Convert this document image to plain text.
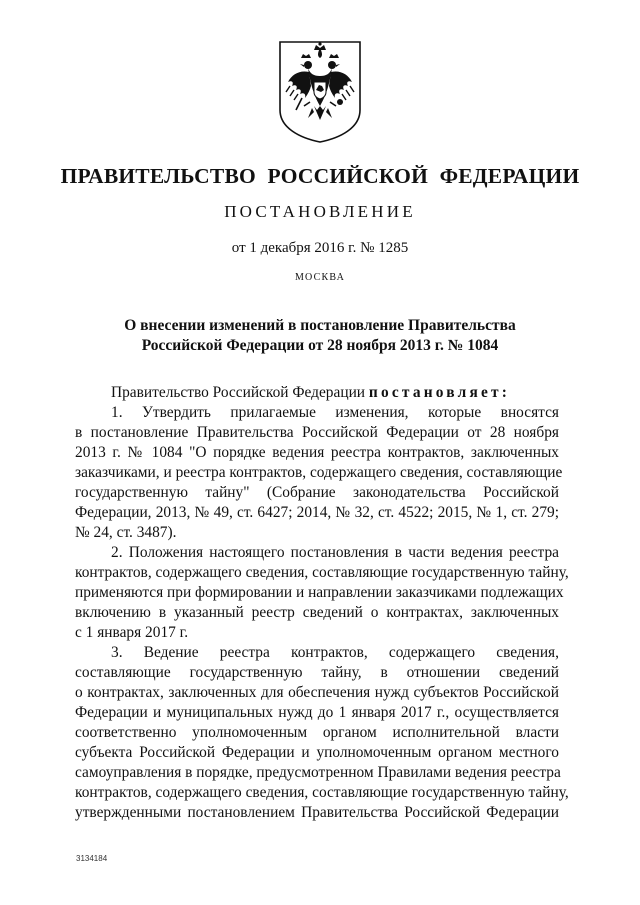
ПРАВИТЕЛЬСТВО РОССИЙСКОЙ ФЕДЕРАЦИИ
ПОСТАНОВЛЕНИЕ
от 1 декабря 2016 г. № 1285
МОСКВА
О внесении изменений в постановление Правительства
Российской Федерации от 28 ноября 2013 г. № 1084
Правительство Российской Федерации постановляет:
1. Утвердить прилагаемые изменения, которые вносятся
в постановление Правительства Российской Федерации от 28 ноября
2013 г. № 1084 "О порядке ведения реестра контрактов, заключенных
заказчиками, и реестра контрактов, содержащего сведения, составляющие
государственную тайну" (Собрание законодательства Российской
Федерации, 2013, № 49, ст. 6427; 2014, № 32, ст. 4522; 2015, № 1, ст. 279;
№ 24, ст. 3487).
2. Положения настоящего постановления в части ведения реестра
контрактов, содержащего сведения, составляющие государственную тайну,
применяются при формировании и направлении заказчиками подлежащих
включению в указанный реестр сведений о контрактах, заключенных
с 1 января 2017 г.
3. Ведение реестра контрактов, содержащего сведения,
составляющие государственную тайну, в отношении сведений
о контрактах, заключенных для обеспечения нужд субъектов Российской
Федерации и муниципальных нужд до 1 января 2017 г., осуществляется
соответственно уполномоченным органом исполнительной власти
субъекта Российской Федерации и уполномоченным органом местного
самоуправления в порядке, предусмотренном Правилами ведения реестра
контрактов, содержащего сведения, составляющие государственную тайну,
утвержденными постановлением Правительства Российской Федерации
3134184
